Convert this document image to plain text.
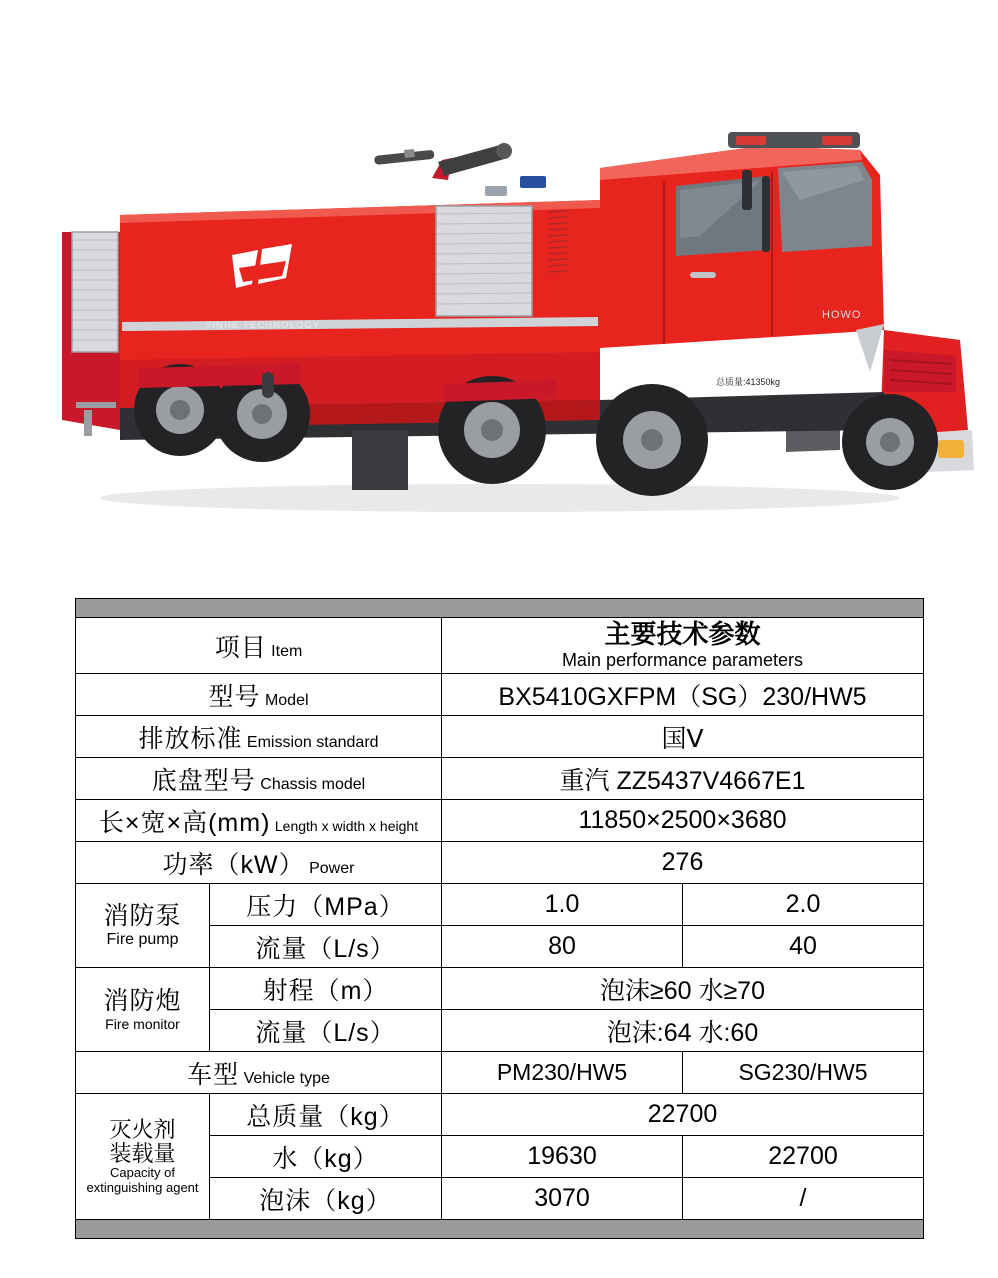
YINHE TECHNOLOGY
HOWO
总质量:41350kg

项目 Item		主要技术参数
Main performance parameters	

型号 Model		BX5410GXFPM（SG）230/HW5	
排放标准 Emission standard		国Ⅴ	
底盘型号 Chassis model		重汽 ZZ5437V4667E1	
长×宽×高(mm) Length x width x height		11850×2500×3680	
功率（kW） Power		276	

消防泵
Fire pump	压力（MPa）	1.0	2.0
	流量（L/s）	80	40

消防炮
Fire monitor	射程（m）	泡沫≥60 水≥70	
	流量（L/s）	泡沫:64 水:60	
车型 Vehicle type		PM230/HW5	SG230/HW5

灭火剂
装载量
Capacity of
extinguishing agent	总质量（kg）	22700	
	水（kg）	19630	22700
	泡沫（kg）	3070	/
